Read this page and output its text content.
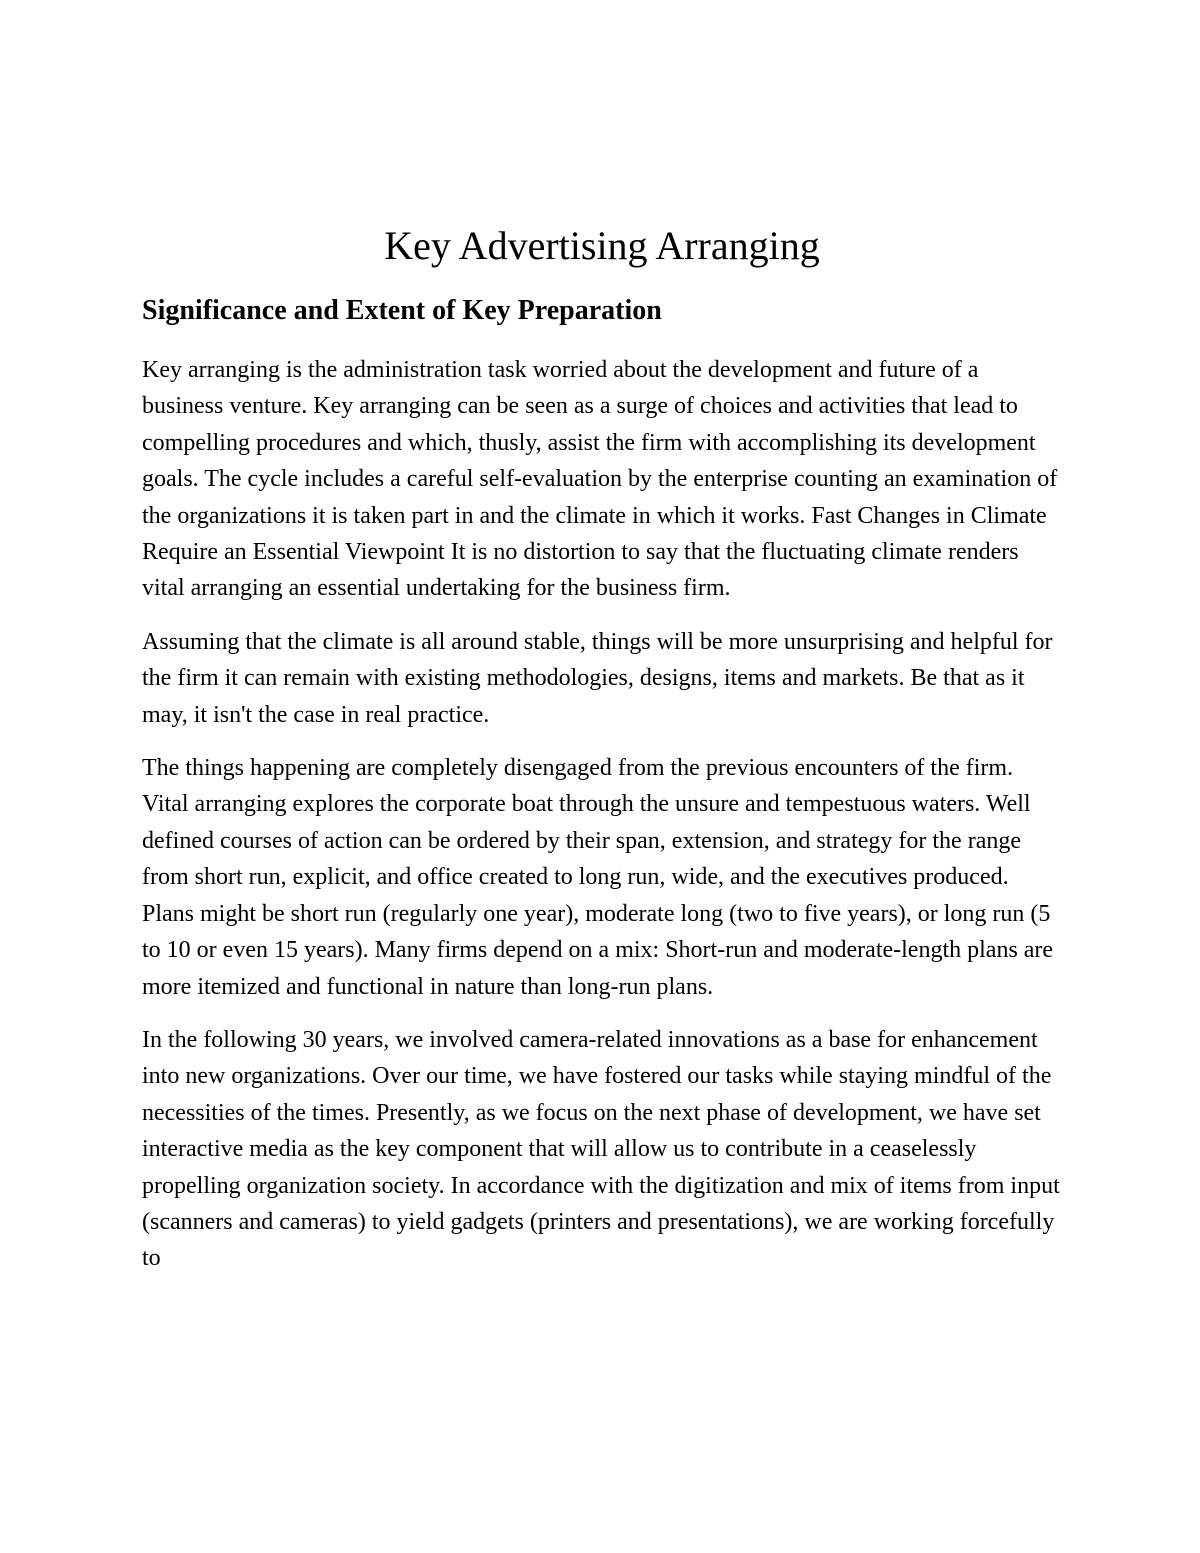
Key Advertising Arranging
Significance and Extent of Key Preparation

Key arranging is the administration task worried about the development and future of a business venture. Key arranging can be seen as a surge of choices and activities that lead to compelling procedures and which, thusly, assist the firm with accomplishing its development goals. The cycle includes a careful self-evaluation by the enterprise counting an examination of the organizations it is taken part in and the climate in which it works. Fast Changes in Climate Require an Essential Viewpoint It is no distortion to say that the fluctuating climate renders vital arranging an essential undertaking for the business firm.

Assuming that the climate is all around stable, things will be more unsurprising and helpful for the firm it can remain with existing methodologies, designs, items and markets. Be that as it may, it isn't the case in real practice.

The things happening are completely disengaged from the previous encounters of the firm. Vital arranging explores the corporate boat through the unsure and tempestuous waters. Well defined courses of action can be ordered by their span, extension, and strategy for the range from short run, explicit, and office created to long run, wide, and the executives produced. Plans might be short run (regularly one year), moderate long (two to five years), or long run (5 to 10 or even 15 years). Many firms depend on a mix: Short-run and moderate-length plans are more itemized and functional in nature than long-run plans.

In the following 30 years, we involved camera-related innovations as a base for enhancement into new organizations. Over our time, we have fostered our tasks while staying mindful of the necessities of the times. Presently, as we focus on the next phase of development, we have set interactive media as the key component that will allow us to contribute in a ceaselessly propelling organization society. In accordance with the digitization and mix of items from input (scanners and cameras) to yield gadgets (printers and presentations), we are working forcefully to
